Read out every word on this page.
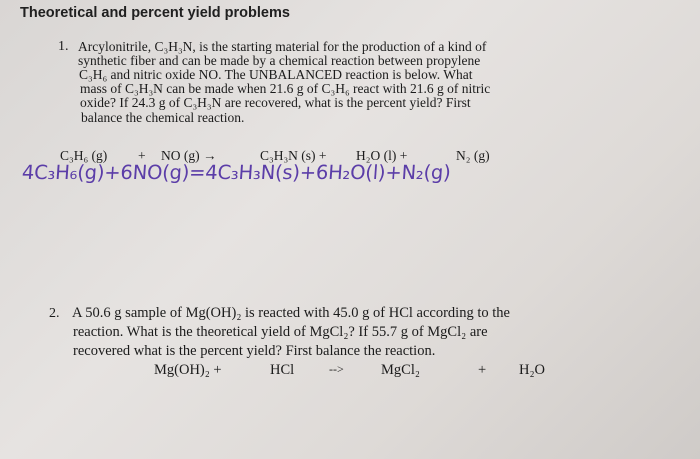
Theoretical and percent yield problems
1. Arcylonitrile, C₃H₃N, is the starting material for the production of a kind of
synthetic fiber and can be made by a chemical reaction between propylene
C₃H₆ and nitric oxide NO. The UNBALANCED reaction is below. What
mass of C₃H₃N can be made when 21.6 g of C₃H₆ react with 21.6 g of nitric
oxide? If 24.3 g of C₃H₃N are recovered, what is the percent yield? First
balance the chemical reaction.
C₃H₆ (g) + NO (g) →	C₃H₃N (s) + H₂O (l) +	N₂ (g)
4C₃H₆(g)+6NO(g)=4C₃H₃N(s)+6H₂O(l)+N₂(g)
2. A 50.6 g sample of Mg(OH)₂ is reacted with 45.0 g of HCl according to the
reaction. What is the theoretical yield of MgCl₂? If 55.7 g of MgCl₂ are
recovered what is the percent yield? First balance the reaction.
Mg(OH)₂ +	HCl	-->	MgCl₂	+ H₂O
